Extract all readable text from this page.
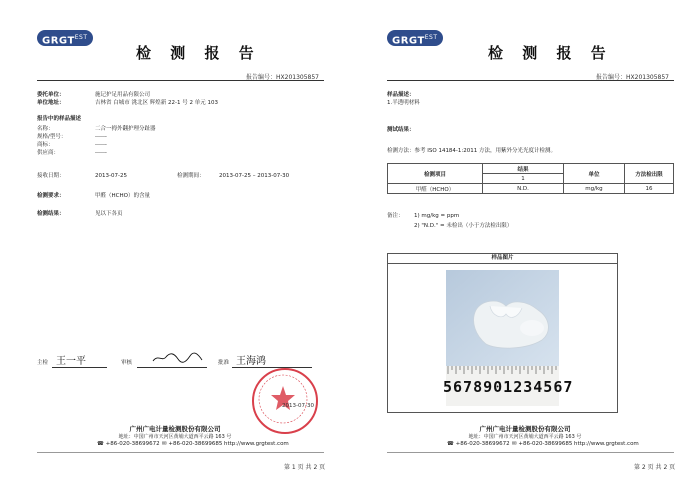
$GRGT^{EST}$
检 测 报 告
报告编号：HX201305857
委托单位：	施记护足用品有限公司
单位地址：	吉林省 白城市 洮北区 辉煌新 22-1 号 2 单元 103
报告中的样品描述
名称：	二合一拇外翻护理分趾器
规格/型号：	------
商标：	------
供应商：	------
接收日期：	2013-07-25	检测期间：	2013-07-25 – 2013-07-30
检测要求：	甲醛（HCHO）的含量
检测结果：	见以下各页
主检 王一平	审核	批准 王海鸿
2013-07-30
广州广电计量检测股份有限公司
地址：中国广州市天河区黄埔大道西平云路 163 号
☎ +86-020-38699672 ✉ +86-020-38699685 http://www.grgtest.com
第 1 页 共 2 页
$GRGT^{EST}$
检 测 报 告
报告编号：HX201305857
样品描述：
1.半透明材料
测试结果：
检测方法：参考 ISO 14184-1:2011 方法，用紫外分光光度计检测。
检测项目	结果	单位	方法检出限
	1		
甲醛（HCHO）	N.D.	mg/kg	16
备注： 1) mg/kg = ppm
2) "N.D." = 未检出（小于方法检出限）
样品图片
5678901234567
广州广电计量检测股份有限公司
地址：中国广州市天河区黄埔大道西平云路 163 号
☎ +86-020-38699672 ✉ +86-020-38699685 http://www.grgtest.com
第 2 页 共 2 页
